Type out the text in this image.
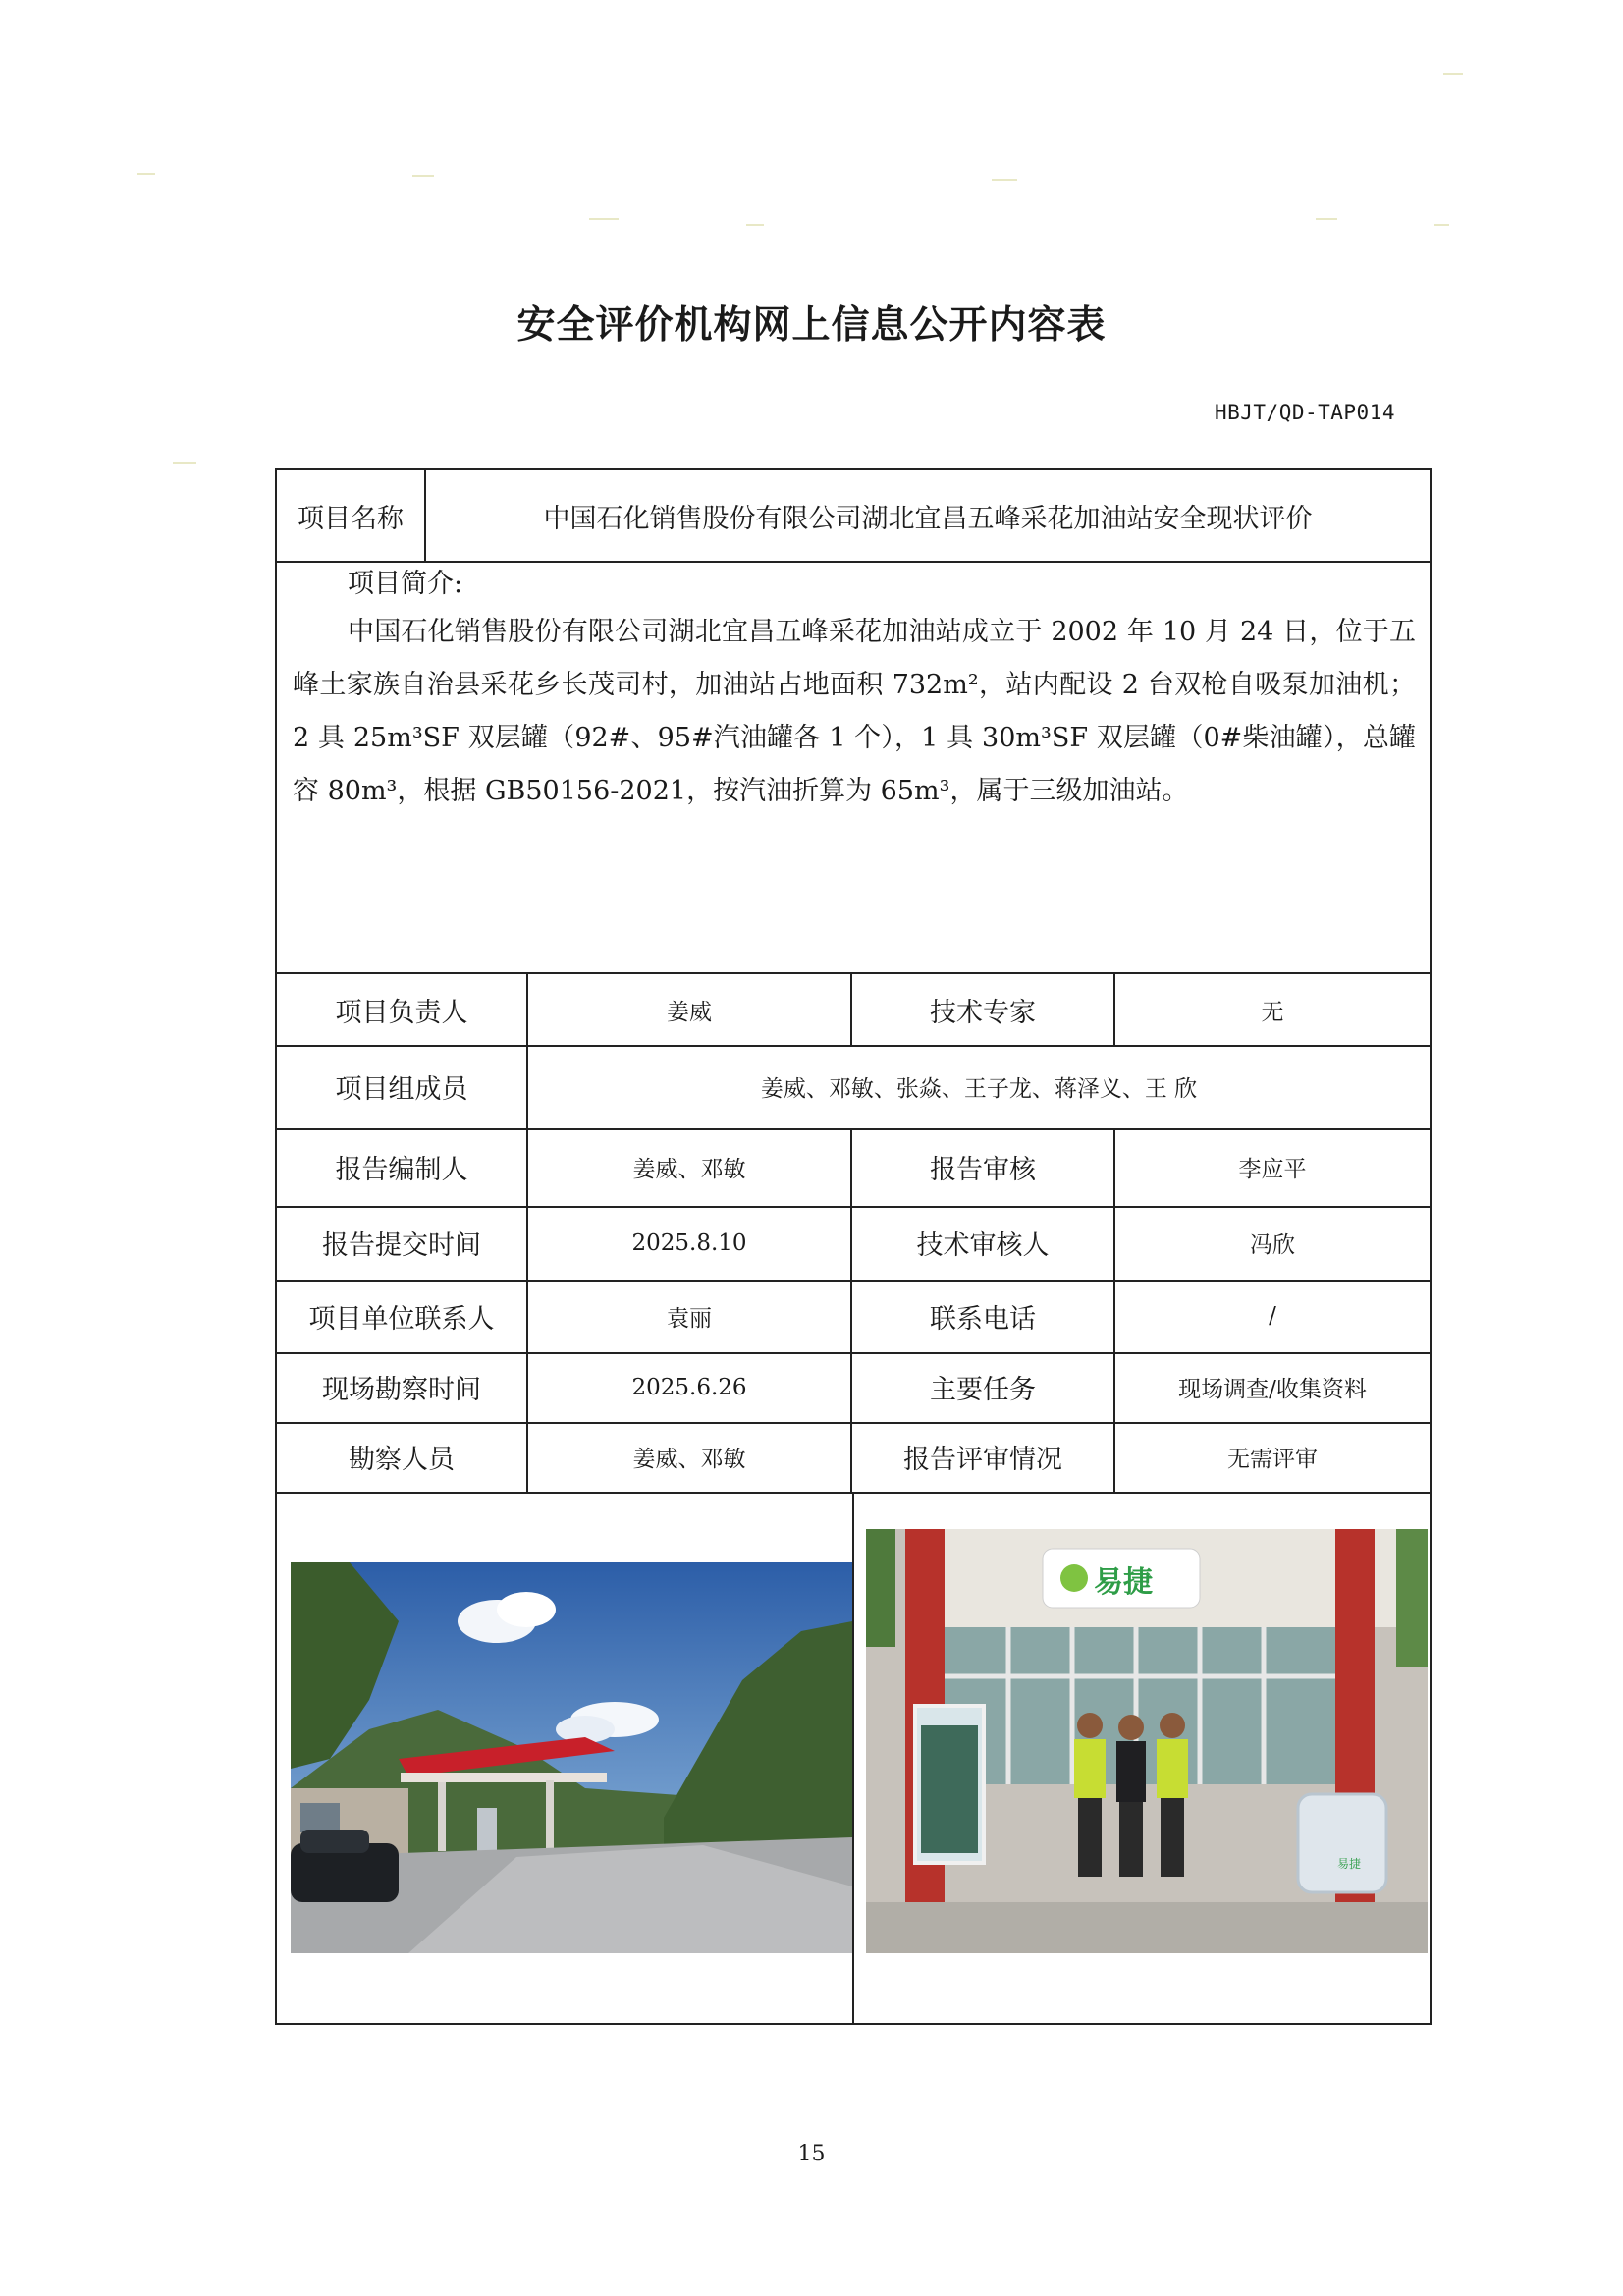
安全评价机构网上信息公开内容表
HBJT/QD-TAP014
项目名称	中国石化销售股份有限公司湖北宜昌五峰采花加油站安全现状评价
项目简介:
中国石化销售股份有限公司湖北宜昌五峰采花加油站成立于 2002 年 10 月 24 日，位于五峰土家族自治县采花乡长茂司村，加油站占地面积 732m²，站内配设 2 台双枪自吸泵加油机；2 具 25m³SF 双层罐（92#、95#汽油罐各 1 个），1 具 30m³SF 双层罐（0#柴油罐），总罐容 80m³，根据 GB50156-2021，按汽油折算为 65m³，属于三级加油站。
项目负责人	姜威	技术专家	无
项目组成员	姜威、邓敏、张焱、王子龙、蒋泽义、王 欣
报告编制人	姜威、邓敏	报告审核	李应平
报告提交时间	2025.8.10	技术审核人	冯欣
项目单位联系人	袁丽	联系电话	/
现场勘察时间	2025.6.26	主要任务	现场调查/收集资料
勘察人员	姜威、邓敏	报告评审情况	无需评审
易捷
易捷
15
